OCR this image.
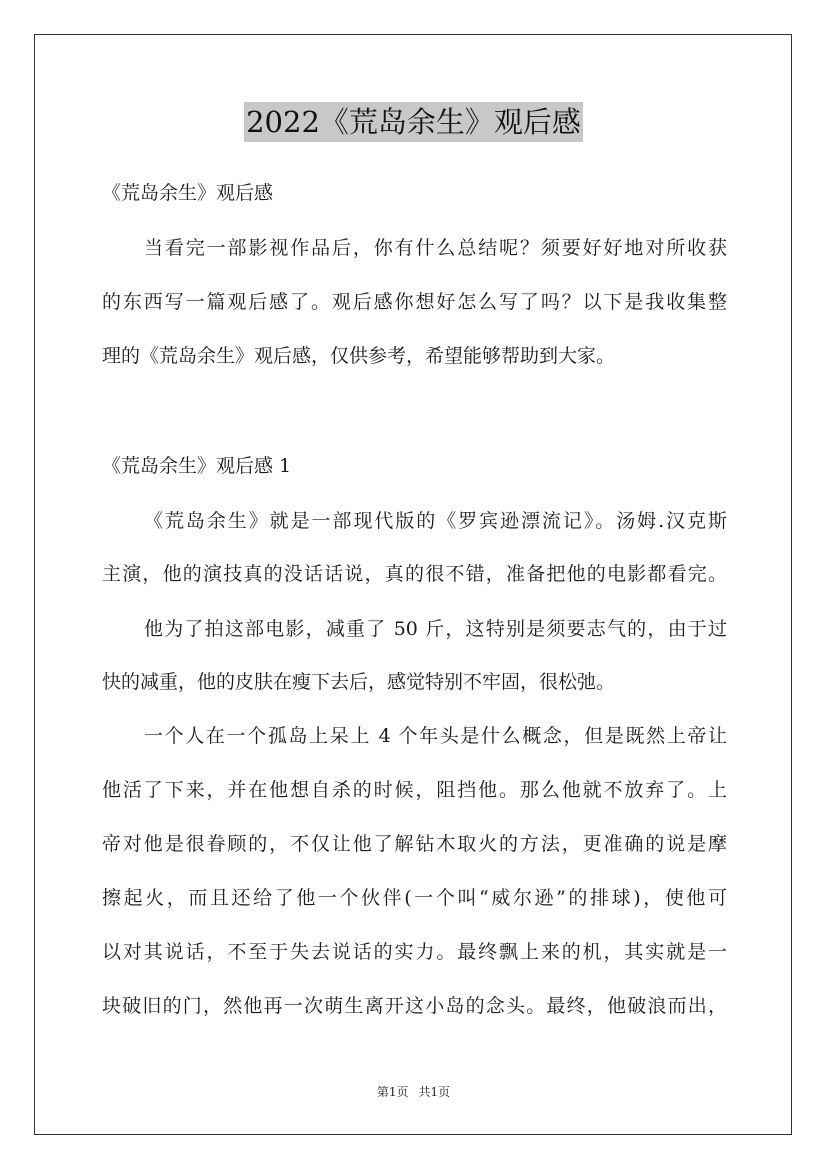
2022《荒岛余生》观后感
《荒岛余生》观后感
当看完一部影视作品后，你有什么总结呢？须要好好地对所收获
的东西写一篇观后感了。观后感你想好怎么写了吗？以下是我收集整
理的《荒岛余生》观后感，仅供参考，希望能够帮助到大家。
《荒岛余生》观后感 1
《荒岛余生》就是一部现代版的《罗宾逊漂流记》。汤姆.汉克斯
主演，他的演技真的没话话说，真的很不错，准备把他的电影都看完。
他为了拍这部电影，减重了 50 斤，这特别是须要志气的，由于过
快的减重，他的皮肤在瘦下去后，感觉特别不牢固，很松弛。
一个人在一个孤岛上呆上 4 个年头是什么概念，但是既然上帝让
他活了下来，并在他想自杀的时候，阻挡他。那么他就不放弃了。上
帝对他是很眷顾的，不仅让他了解钻木取火的方法，更准确的说是摩
擦起火，而且还给了他一个伙伴(一个叫“威尔逊”的排球)，使他可
以对其说话，不至于失去说话的实力。最终飘上来的机，其实就是一
块破旧的门，然他再一次萌生离开这小岛的念头。最终，他破浪而出，
第1页 共1页
